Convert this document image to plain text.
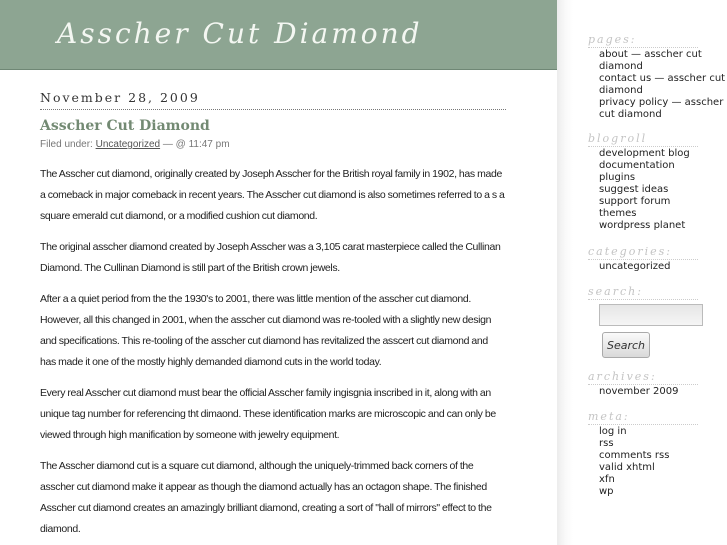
Asscher Cut Diamond
November 28, 2009
Asscher Cut Diamond
Filed under: Uncategorized — @ 11:47 pm

The Asscher cut diamond, originally created by Joseph Asscher for the British royal family in 1902, has made a comeback in major comeback in recent years. The Asscher cut diamond is also sometimes referred to a s a square emerald cut diamond, or a modified cushion cut diamond.

The original asscher diamond created by Joseph Asscher was a 3,105 carat masterpiece called the Cullinan Diamond. The Cullinan Diamond is still part of the British crown jewels.

After a a quiet period from the the 1930's to 2001, there was little mention of the asscher cut diamond. However, all this changed in 2001, when the asscher cut diamond was re-tooled with a slightly new design and specifications. This re-tooling of the asscher cut diamond has revitalized the asscert cut diamond and has made it one of the mostly highly demanded diamond cuts in the world today.

Every real Asscher cut diamond must bear the official Asscher family ingisgnia inscribed in it, along with an unique tag number for referencing tht dimaond. These identification marks are microscopic and can only be viewed through high manification by someone with jewelry equipment.

The Asscher diamond cut is a square cut diamond, although the uniquely-trimmed back corners of the asscher cut diamond make it appear as though the diamond actually has an octagon shape. The finished Asscher cut diamond creates an amazingly brilliant diamond, creating a sort of "hall of mirrors" effect to the diamond.

pages:
about — asscher cut diamond
contact us — asscher cut diamond
privacy policy — asscher cut diamond
blogroll
development blog
documentation
plugins
suggest ideas
support forum
themes
wordpress planet
categories:
uncategorized
search:
Search
archives:
november 2009
meta:
log in
rss
comments rss
valid xhtml
xfn
wp
